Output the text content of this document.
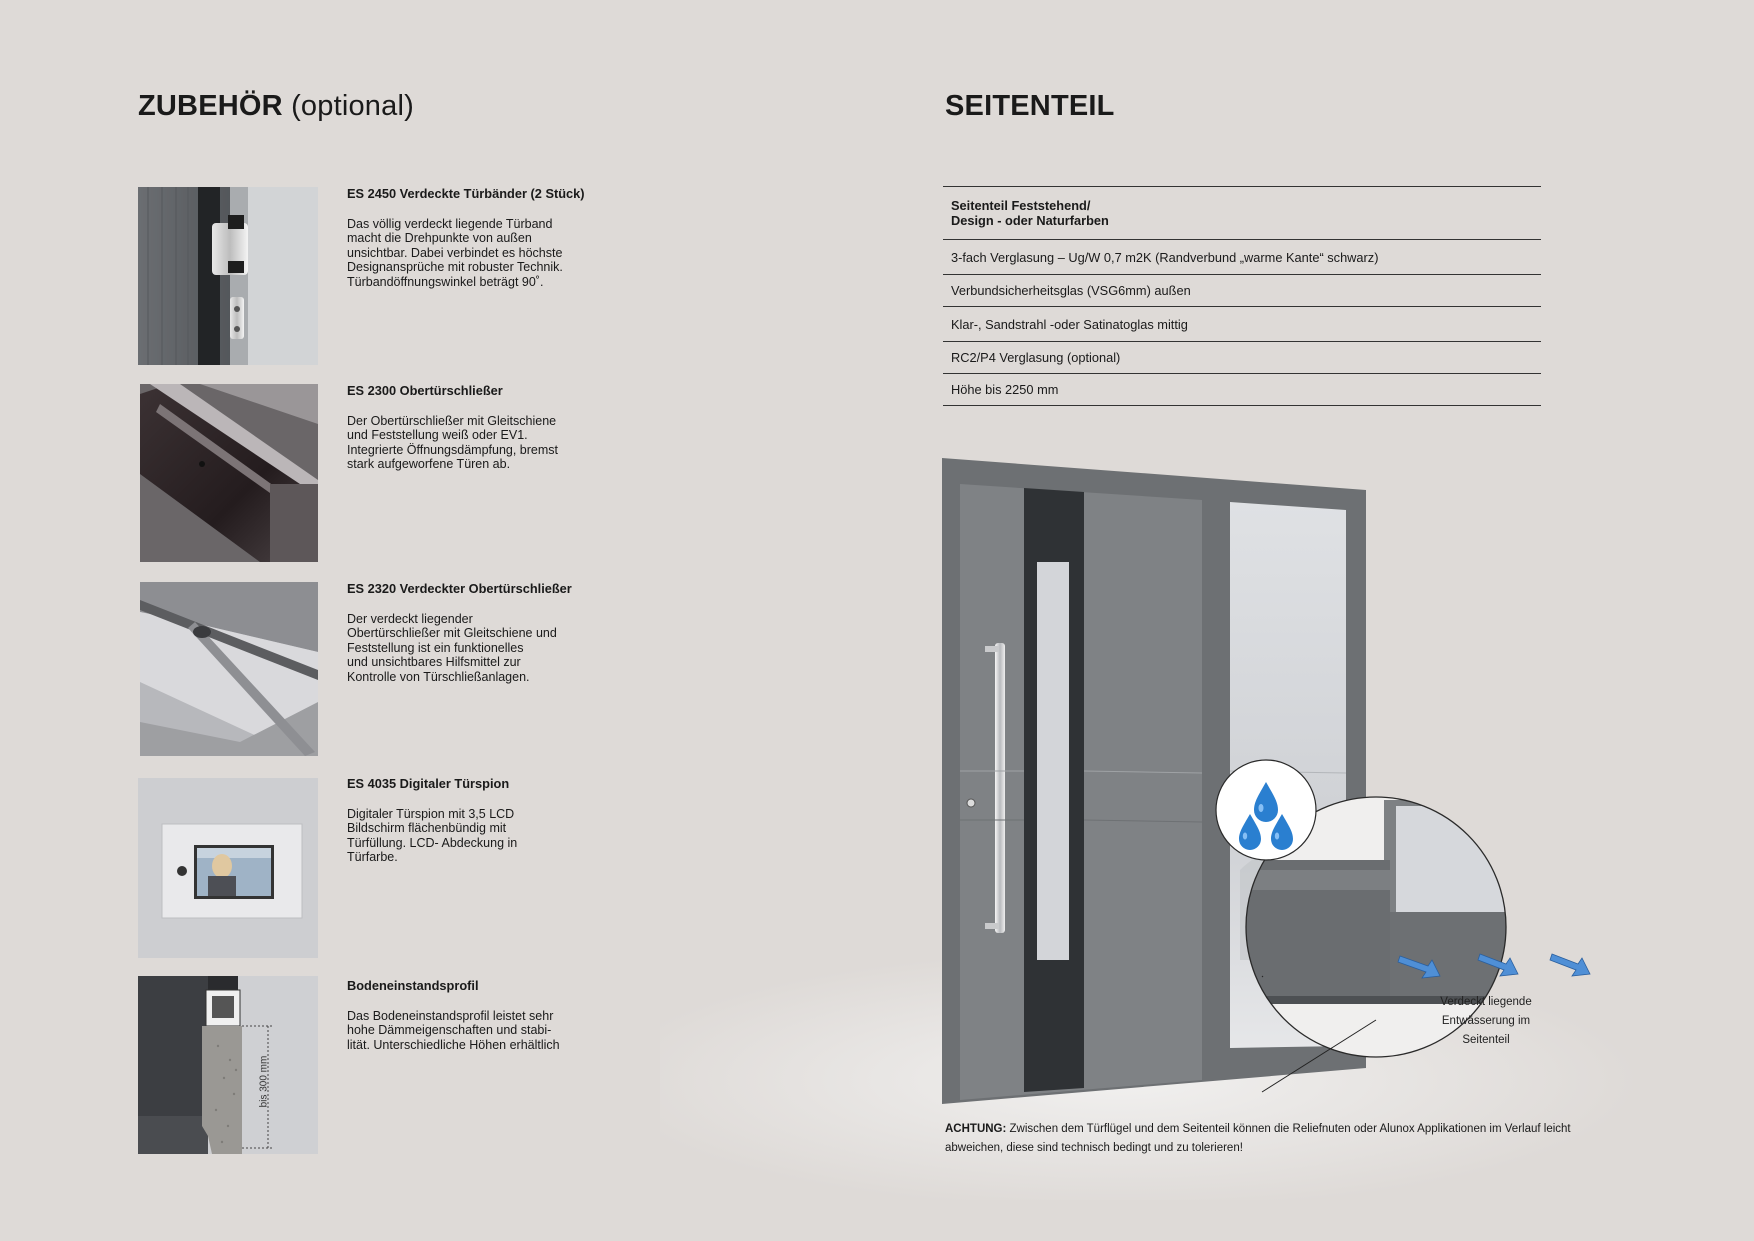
ZUBEHÖR (optional)	SEITENTEIL
bis 300 mm
ES 2450 Verdeckte Türbänder (2 Stück)
Das völlig verdeckt liegende Türband
macht die Drehpunkte von außen
unsichtbar. Dabei verbindet es höchste
Designansprüche mit robuster Technik.
Türbandöffnungswinkel beträgt 90˚.
ES 2300 Obertürschließer
Der Obertürschließer mit Gleitschiene
und Feststellung weiß oder EV1.
Integrierte Öffnungsdämpfung, bremst
stark aufgeworfene Türen ab.
ES 2320 Verdeckter Obertürschließer
Der verdeckt liegender
Obertürschließer mit Gleitschiene und
Feststellung ist ein funktionelles
und unsichtbares Hilfsmittel zur
Kontrolle von Türschließanlagen.
ES 4035 Digitaler Türspion
Digitaler Türspion mit 3,5 LCD
Bildschirm flächenbündig mit
Türfüllung. LCD- Abdeckung in
Türfarbe.
Bodeneinstandsprofil
Das Bodeneinstandsprofil leistet sehr
hohe Dämmeigenschaften und stabi-
lität. Unterschiedliche Höhen erhältlich
Seitenteil Feststehend/
Design - oder Naturfarben
3-fach Verglasung – Ug/W 0,7 m2K (Randverbund „warme Kante“ schwarz)
Verbundsicherheitsglas (VSG6mm) außen
Klar-, Sandstrahl -oder Satinatoglas mittig
RC2/P4 Verglasung (optional)
Höhe bis 2250 mm
Verdeckt liegende
Entwässerung im
Seitenteil
ACHTUNG: Zwischen dem Türflügel und dem Seitenteil können die Reliefnuten oder Alunox Applikationen im Verlauf leicht abweichen, diese sind technisch bedingt und zu tolerieren!
